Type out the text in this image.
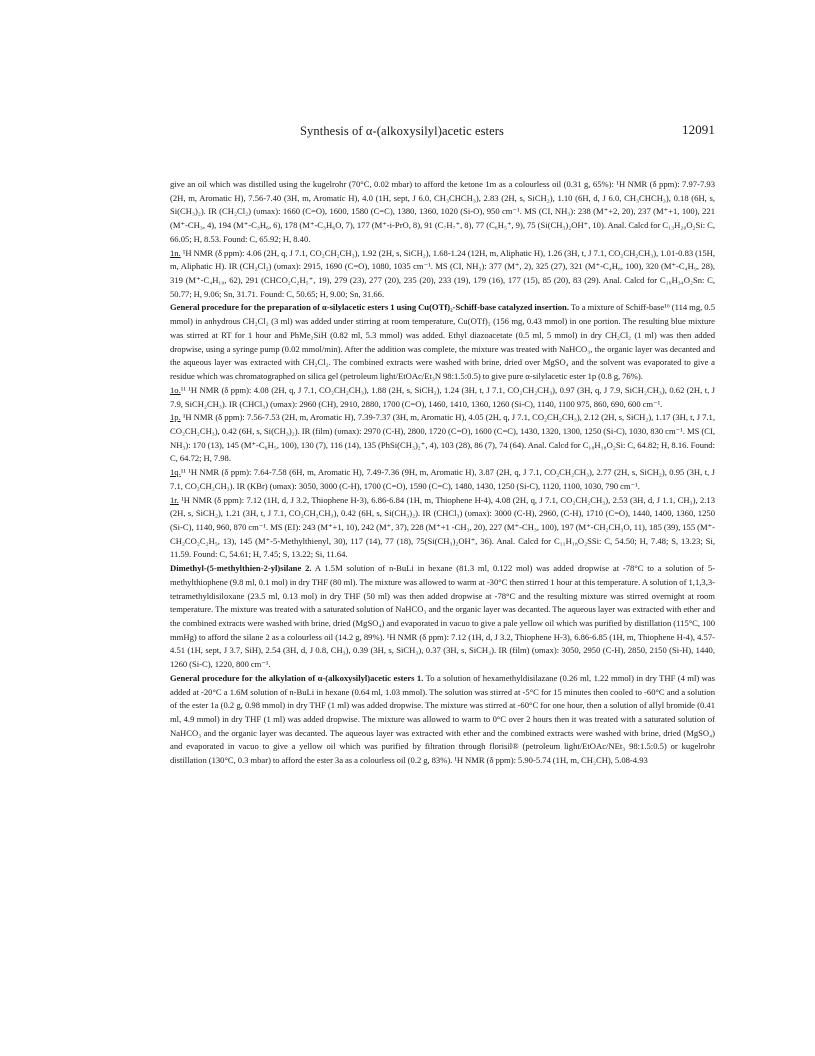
Synthesis of α-(alkoxysilyl)acetic esters	12091

give an oil which was distilled using the kugelrohr (70°C, 0.02 mbar) to afford the ketone 1m as a colourless oil (0.31 g, 65%): ¹H NMR (δ ppm): 7.97-7.93 (2H, m, Aromatic H), 7.56-7.40 (3H, m, Aromatic H), 4.0 (1H, sept, J 6.0, CH₃CHCH₃), 2.83 (2H, s, SiCH₂), 1.10 (6H, d, J 6.0, CH₃CHCH₃), 0.18 (6H, s, Si(CH₃)₂). IR (CH₂Cl₂) (υmax): 1660 (C=O), 1600, 1580 (C=C), 1380, 1360, 1020 (Si-O), 950 cm⁻¹. MS (CI, NH₃): 238 (M⁺+2, 20), 237 (M⁺+1, 100), 221 (M⁺-CH₃, 4), 194 (M⁺-C₃H₆, 6), 178 (M⁺-C₃H₆O, 7), 177 (M⁺-i-PrO, 8), 91 (C₇H₇⁺, 8), 77 (C₆H₅⁺, 9), 75 (Si(CH₃)₂OH⁺, 10). Anal. Calcd for C₁₃H₂₀O₂Si: C, 66.05; H, 8.53. Found: C, 65.92; H, 8.40.

1n. ¹H NMR (δ ppm): 4.06 (2H, q, J 7.1, CO₂CH₂CH₃), 1.92 (2H, s, SiCH₂), 1.68-1.24 (12H, m, Aliphatic H), 1.26 (3H, t, J 7.1, CO₂CH₂CH₃), 1.01-0.83 (15H, m, Aliphatic H). IR (CH₂Cl₂) (υmax): 2915, 1690 (C=O), 1080, 1035 cm⁻¹. MS (CI, NH₃): 377 (M⁺, 2), 325 (27), 321 (M⁺-C₄H₈, 100), 320 (M⁺-C₄H₉, 28), 319 (M⁺-C₄H₁₀, 62), 291 (CHCO₂C₂H₅⁺, 19), 279 (23), 277 (20), 235 (20), 233 (19), 179 (16), 177 (15), 85 (20), 83 (29). Anal. Calcd for C₁₆H₃₄O₂Sn: C, 50.77; H, 9.06; Sn, 31.71. Found: C, 50.65; H, 9.00; Sn, 31.66.

General procedure for the preparation of α-silylacetic esters 1 using Cu(OTf)₂-Schiff-base catalyzed insertion. To a mixture of Schiff-base¹⁶ (114 mg, 0.5 mmol) in anhydrous CH₂Cl₂ (3 ml) was added under stirring at room temperature, Cu(OTf)₂ (156 mg, 0.43 mmol) in one portion. The resulting blue mixture was stirred at RT for 1 hour and PhMe₂SiH (0.82 ml, 5.3 mmol) was added. Ethyl diazoacetate (0.5 ml, 5 mmol) in dry CH₂Cl₂ (1 ml) was then added dropwise, using a syringe pump (0.02 mmol/min). After the addition was complete, the mixture was treated with NaHCO₃, the organic layer was decanted and the aqueous layer was extracted with CH₂Cl₂. The combined extracts were washed with brine, dried over MgSO₄ and the solvent was evaporated to give a residue which was chromatographed on silica gel (petroleum light/EtOAc/Et₃N 98:1.5:0.5) to give pure α-silylacetic ester 1p (0.8 g, 76%).

1o.¹¹ ¹H NMR (δ ppm): 4.08 (2H, q, J 7.1, CO₂CH₂CH₃), 1.88 (2H, s, SiCH₂), 1.24 (3H, t, J 7.1, CO₂CH₂CH₃), 0.97 (3H, q, J 7.9, SiCH₂CH₃), 0.62 (2H, t, J 7.9, SiCH₂CH₃). IR (CHCl₃) (υmax): 2960 (CH), 2910, 2880, 1700 (C=O), 1460, 1410, 1360, 1260 (Si-C), 1140, 1100 975, 860, 690, 600 cm⁻¹.

1p. ¹H NMR (δ ppm): 7.56-7.53 (2H, m, Aromatic H), 7.39-7.37 (3H, m, Aromatic H), 4.05 (2H, q, J 7.1, CO₂CH₂CH₃), 2.12 (2H, s, SiCH₂), 1.17 (3H, t, J 7.1, CO₂CH₂CH₃), 0.42 (6H, s, Si(CH₃)₂). IR (film) (υmax): 2970 (C-H), 2800, 1720 (C=O), 1600 (C=C), 1430, 1320, 1300, 1250 (Si-C), 1030, 830 cm⁻¹. MS (CI, NH₃): 170 (13), 145 (M⁺-C₆H₅, 100), 130 (7), 116 (14), 135 (PhSi(CH₃)₂⁺, 4), 103 (28), 86 (7), 74 (64). Anal. Calcd for C₁₈H₁₈O₂Si: C, 64.82; H, 8.16. Found: C, 64.72; H, 7.98.

1q.¹¹ ¹H NMR (δ ppm): 7.64-7.58 (6H, m, Aromatic H), 7.49-7.36 (9H, m, Aromatic H), 3.87 (2H, q, J 7.1, CO₂CH₂CH₃), 2.77 (2H, s, SiCH₂), 0.95 (3H, t, J 7.1, CO₂CH₂CH₃). IR (KBr) (υmax): 3050, 3000 (C-H), 1700 (C=O), 1590 (C=C), 1480, 1430, 1250 (Si-C), 1120, 1100, 1030, 790 cm⁻¹.

1r. ¹H NMR (δ ppm): 7.12 (1H, d, J 3.2, Thiophene H-3), 6.86-6.84 (1H, m, Thiophene H-4), 4.08 (2H, q, J 7.1, CO₂CH₂CH₃), 2.53 (3H, d, J 1.1, CH₃), 2.13 (2H, s, SiCH₂), 1.21 (3H, t, J 7.1, CO₂CH₂CH₃), 0.42 (6H, s, Si(CH₃)₂). IR (CHCl₃) (υmax): 3000 (C-H), 2960, (C-H), 1710 (C=O), 1440, 1400, 1360, 1250 (Si-C), 1140, 960, 870 cm⁻¹. MS (EI): 243 (M⁺+1, 10), 242 (M⁺, 37), 228 (M⁺+1 -CH₃, 20), 227 (M⁺-CH₃, 100), 197 (M⁺-CH₂CH₃O, 11), 185 (39), 155 (M⁺-CH₂CO₂C₂H₅, 13), 145 (M⁺-5-Methylthienyl, 30), 117 (14), 77 (18), 75(Si(CH₃)₂OH⁺, 36). Anal. Calcd for C₁₁H₁₈O₂SSi: C, 54.50; H, 7.48; S, 13.23; Si, 11.59. Found: C, 54.61; H, 7.45; S, 13.22; Si, 11.64.

Dimethyl-(5-methylthien-2-yl)silane 2. A 1.5M solution of n-BuLi in hexane (81.3 ml, 0.122 mol) was added dropwise at -78°C to a solution of 5-methylthiophene (9.8 ml, 0.1 mol) in dry THF (80 ml). The mixture was allowed to warm at -30°C then stirred 1 hour at this temperature. A solution of 1,1,3,3-tetramethyldisiloxane (23.5 ml, 0.13 mol) in dry THF (50 ml) was then added dropwise at -78°C and the resulting mixture was stirred overnight at room temperature. The mixture was treated with a saturated solution of NaHCO₃ and the organic layer was decanted. The aqueous layer was extracted with ether and the combined extracts were washed with brine, dried (MgSO₄) and evaporated in vacuo to give a pale yellow oil which was purified by distillation (115°C, 100 mmHg) to afford the silane 2 as a colourless oil (14.2 g, 89%). ¹H NMR (δ ppm): 7.12 (1H, d, J 3.2, Thiophene H-3), 6.86-6.85 (1H, m, Thiophene H-4), 4.57-4.51 (1H, sept, J 3.7, SiH), 2.54 (3H, d, J 0.8, CH₃), 0.39 (3H, s, SiCH₃), 0.37 (3H, s, SiCH₃). IR (film) (υmax): 3050, 2950 (C-H), 2850, 2150 (Si-H), 1440, 1260 (Si-C), 1220, 800 cm⁻¹.

General procedure for the alkylation of α-(alkoxysilyl)acetic esters 1. To a solution of hexamethyldisilazane (0.26 ml, 1.22 mmol) in dry THF (4 ml) was added at -20°C a 1.6M solution of n-BuLi in hexane (0.64 ml, 1.03 mmol). The solution was stirred at -5°C for 15 minutes then cooled to -60°C and a solution of the ester 1a (0.2 g, 0.98 mmol) in dry THF (1 ml) was added dropwise. The mixture was stirred at -60°C for one hour, then a solution of allyl bromide (0.41 ml, 4.9 mmol) in dry THF (1 ml) was added dropwise. The mixture was allowed to warm to 0°C over 2 hours then it was treated with a saturated solution of NaHCO₃ and the organic layer was decanted. The aqueous layer was extracted with ether and the combined extracts were washed with brine, dried (MgSO₄) and evaporated in vacuo to give a yellow oil which was purified by filtration through florisil® (petroleum light/EtOAc/NEt₃ 98:1.5:0.5) or kugelrohr distillation (130°C, 0.3 mbar) to afford the ester 3a as a colourless oil (0.2 g, 83%). ¹H NMR (δ ppm): 5.90-5.74 (1H, m, CH₂CH), 5.08-4.93
